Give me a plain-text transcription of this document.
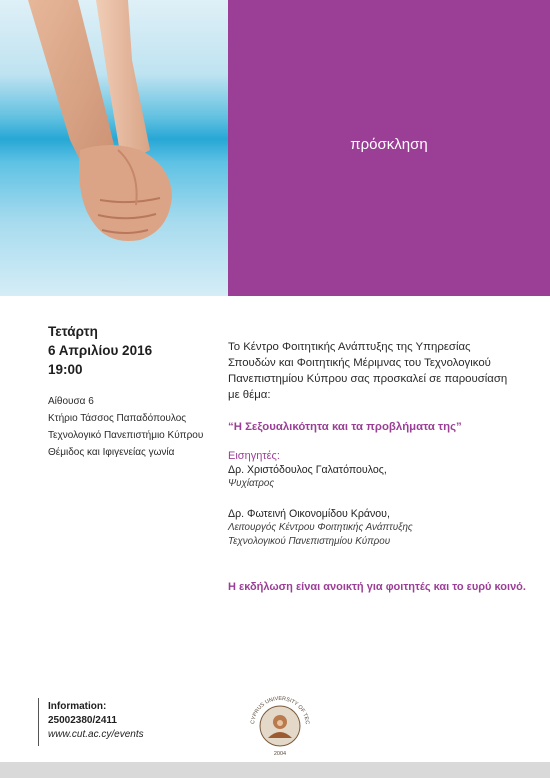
πρόσκληση
Τετάρτη
6 Απριλίου 2016
19:00
Αίθουσα 6
Κτήριο Τάσσος Παπαδόπουλος
Τεχνολογικό Πανεπιστήμιο Κύπρου
Θέμιδος και Ιφιγενείας γωνία
Το Κέντρο Φοιτητικής Ανάπτυξης της Υπηρεσίας
Σπουδών και Φοιτητικής Μέριμνας του Τεχνολογικού
Πανεπιστημίου Κύπρου σας προσκαλεί σε παρουσίαση
με θέμα:
“Η Σεξουαλικότητα και τα προβλήματα της”
Εισηγητές:
Δρ. Χριστόδουλος Γαλατόπουλος,
Ψυχίατρος
Δρ. Φωτεινή Οικονομίδου Κράνου,
Λειτουργός Κέντρου Φοιτητικής Ανάπτυξης
Τεχνολογικού Πανεπιστημίου Κύπρου
Η εκδήλωση είναι ανοικτή για φοιτητές και το ευρύ κοινό.
Information:
25002380/2411
www.cut.ac.cy/events
CYPRUS UNIVERSITY OF TEC
2004
